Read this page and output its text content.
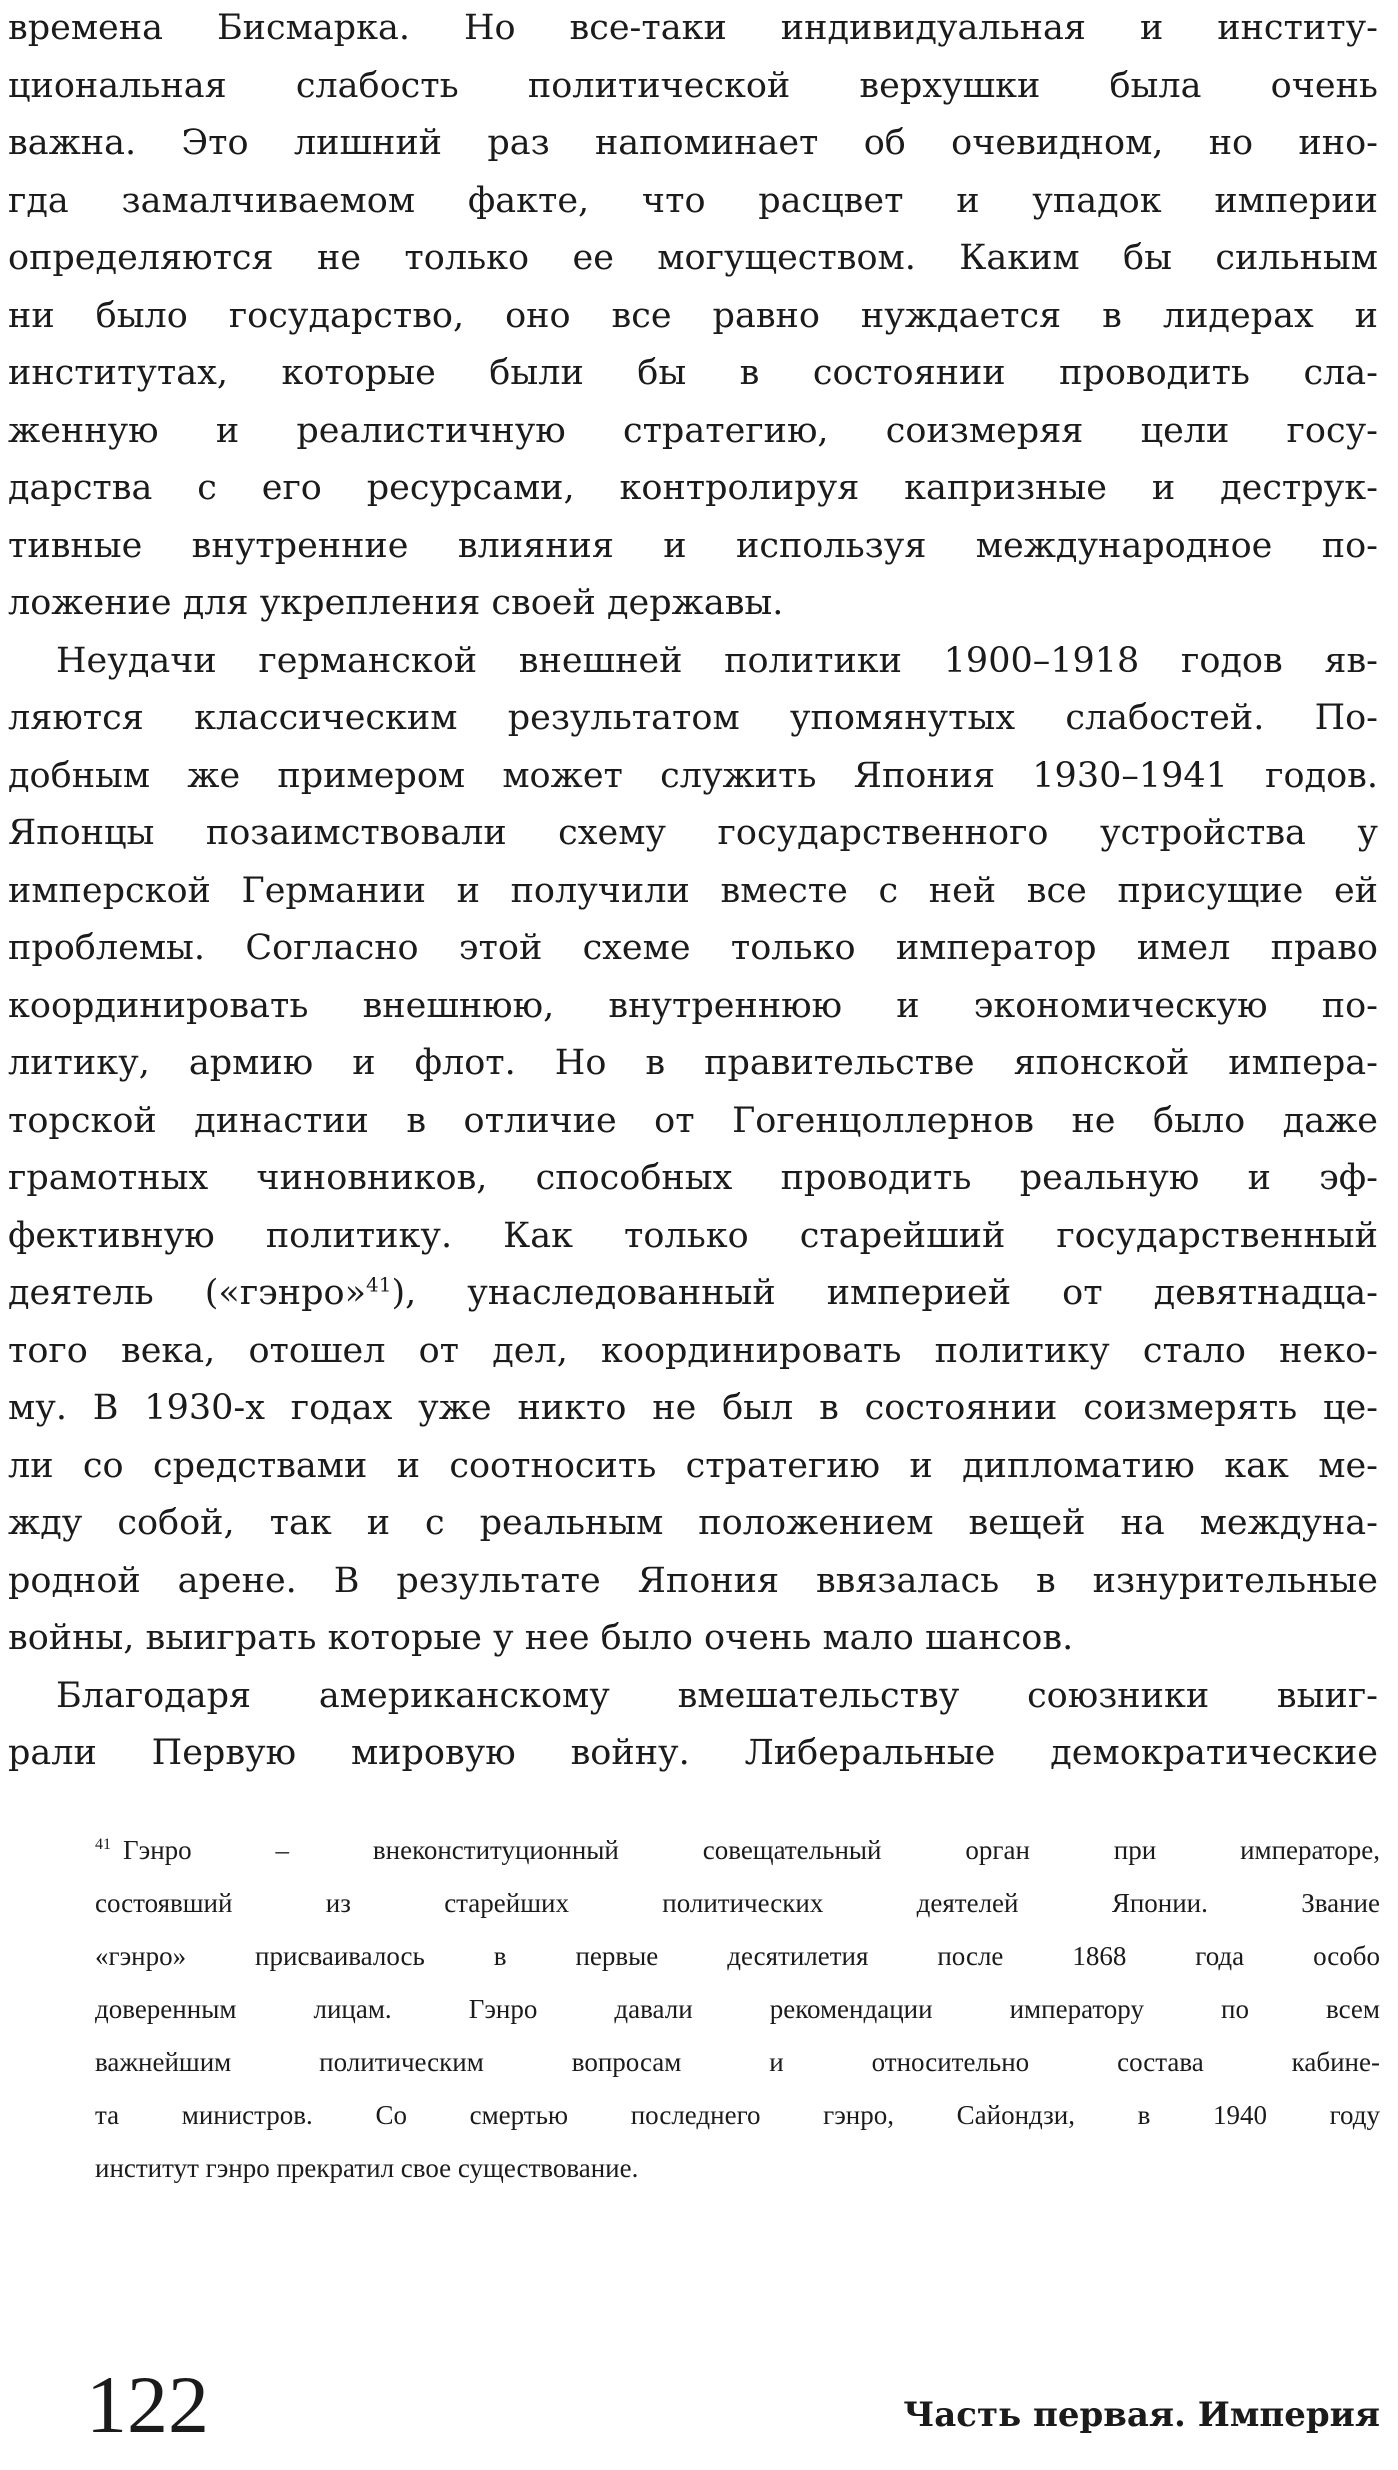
времена Бисмарка. Но все-таки индивидуальная и институ-
циональная слабость политической верхушки была очень
важна. Это лишний раз напоминает об очевидном, но ино-
гда замалчиваемом факте, что расцвет и упадок империи
определяются не только ее могуществом. Каким бы сильным
ни было государство, оно все равно нуждается в лидерах и
институтах, которые были бы в состоянии проводить сла-
женную и реалистичную стратегию, соизмеряя цели госу-
дарства с его ресурсами, контролируя капризные и деструк-
тивные внутренние влияния и используя международное по-
ложение для укрепления своей державы.

Неудачи германской внешней политики 1900–1918 годов яв-
ляются классическим результатом упомянутых слабостей. По-
добным же примером может служить Япония 1930–1941 годов.
Японцы позаимствовали схему государственного устройства у
имперской Германии и получили вместе с ней все присущие ей
проблемы. Согласно этой схеме только император имел право
координировать внешнюю, внутреннюю и экономическую по-
литику, армию и флот. Но в правительстве японской импера-
торской династии в отличие от Гогенцоллернов не было даже
грамотных чиновников, способных проводить реальную и эф-
фективную политику. Как только старейший государственный
деятель («гэнро»$^{41}$), унаследованный империей от девятнадца-
того века, отошел от дел, координировать политику стало неко-
му. В 1930-х годах уже никто не был в состоянии соизмерять це-
ли со средствами и соотносить стратегию и дипломатию как ме-
жду собой, так и с реальным положением вещей на междуна-
родной арене. В результате Япония ввязалась в изнурительные
войны, выиграть которые у нее было очень мало шансов.

Благодаря американскому вмешательству союзники выиг-
рали Первую мировую войну. Либеральные демократические

$^{41}$ Гэнро – внеконституционный совещательный орган при императоре,
состоявший из старейших политических деятелей Японии. Звание
«гэнро» присваивалось в первые десятилетия после 1868 года особо
доверенным лицам. Гэнро давали рекомендации императору по всем
важнейшим политическим вопросам и относительно состава кабине-
та министров. Со смертью последнего гэнро, Сайондзи, в 1940 году
институт гэнро прекратил свое существование.
122	Часть первая. Империя
